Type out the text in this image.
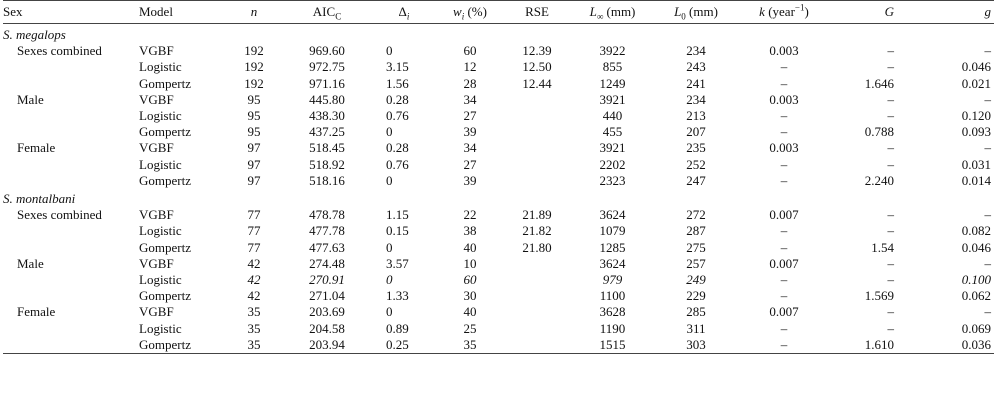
Sex	Model	n	$AIC_C$	$\Delta_i$	$w_i$ (%)	RSE	$L_\infty$ (mm)	$L_0$ (mm)	k (year$^{-1}$)	G	g
S. megalops											
Sexes combined	VGBF	192	969.60	0	60	12.39	3922	234	0.003	–	–
	Logistic	192	972.75	3.15	12	12.50	855	243	–	–	0.046
	Gompertz	192	971.16	1.56	28	12.44	1249	241	–	1.646	0.021
Male	VGBF	95	445.80	0.28	34		3921	234	0.003	–	–
	Logistic	95	438.30	0.76	27		440	213	–	–	0.120
	Gompertz	95	437.25	0	39		455	207	–	0.788	0.093
Female	VGBF	97	518.45	0.28	34		3921	235	0.003	–	–
	Logistic	97	518.92	0.76	27		2202	252	–	–	0.031
	Gompertz	97	518.16	0	39		2323	247	–	2.240	0.014
S. montalbani											
Sexes combined	VGBF	77	478.78	1.15	22	21.89	3624	272	0.007	–	–
	Logistic	77	477.78	0.15	38	21.82	1079	287	–	–	0.082
	Gompertz	77	477.63	0	40	21.80	1285	275	–	1.54	0.046
Male	VGBF	42	274.48	3.57	10		3624	257	0.007	–	–
	Logistic	42	270.91	0	60		979	249	–	–	0.100
	Gompertz	42	271.04	1.33	30		1100	229	–	1.569	0.062
Female	VGBF	35	203.69	0	40		3628	285	0.007	–	–
	Logistic	35	204.58	0.89	25		1190	311	–	–	0.069
	Gompertz	35	203.94	0.25	35		1515	303	–	1.610	0.036
